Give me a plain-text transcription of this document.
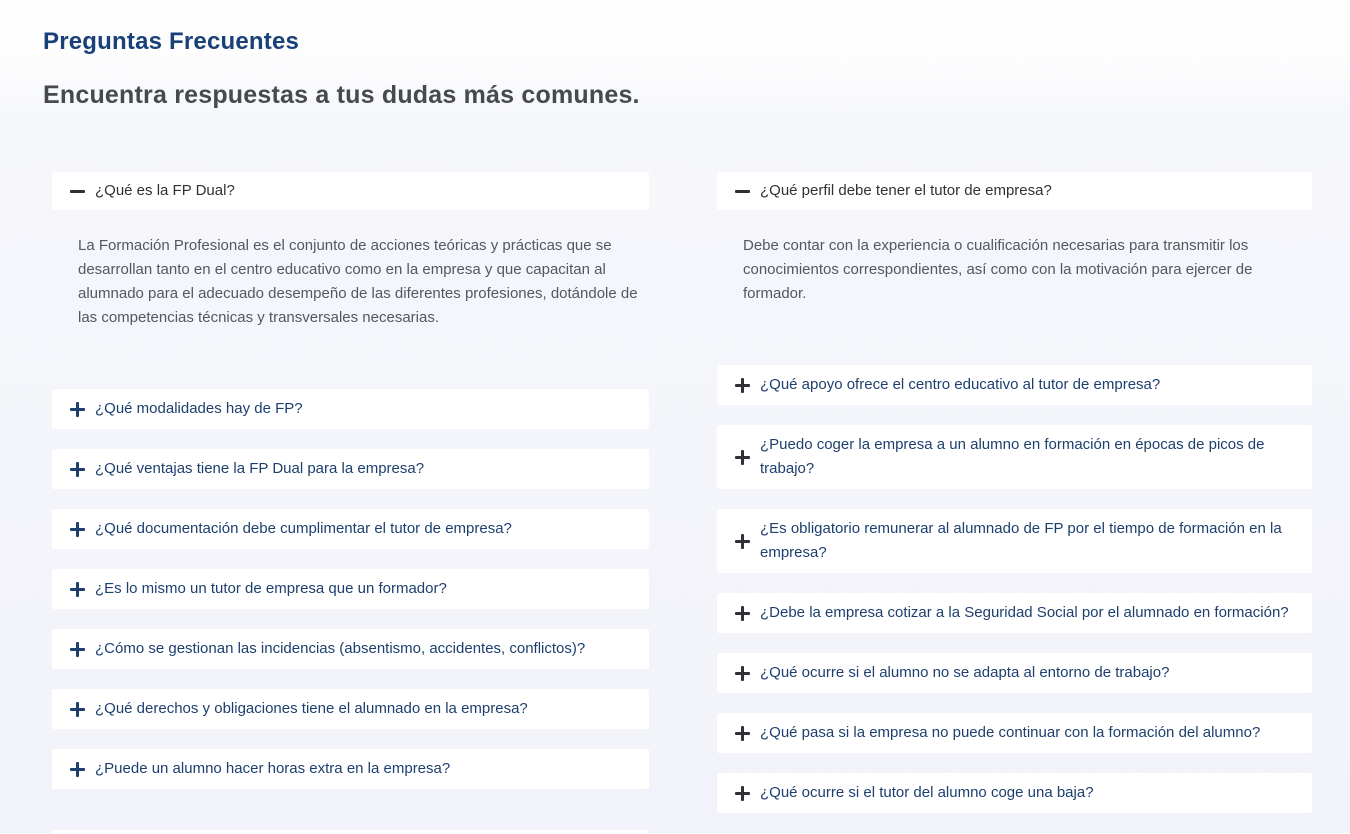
Preguntas Frecuentes
Encuentra respuestas a tus dudas más comunes.
¿Qué es la FP Dual?
La Formación Profesional es el conjunto de acciones teóricas y prácticas que se desarrollan tanto en el centro educativo como en la empresa y que capacitan al alumnado para el adecuado desempeño de las diferentes profesiones, dotándole de las competencias técnicas y transversales necesarias.
¿Qué modalidades hay de FP?
¿Qué ventajas tiene la FP Dual para la empresa?
¿Qué documentación debe cumplimentar el tutor de empresa?
¿Es lo mismo un tutor de empresa que un formador?
¿Cómo se gestionan las incidencias (absentismo, accidentes, conflictos)?
¿Qué derechos y obligaciones tiene el alumnado en la empresa?
¿Puede un alumno hacer horas extra en la empresa?
¿Qué perfil debe tener el tutor de empresa?
Debe contar con la experiencia o cualificación necesarias para transmitir los conocimientos correspondientes, así como con la motivación para ejercer de formador.
¿Qué apoyo ofrece el centro educativo al tutor de empresa?
¿Puedo coger la empresa a un alumno en formación en épocas de picos de trabajo?
¿Es obligatorio remunerar al alumnado de FP por el tiempo de formación en la empresa?
¿Debe la empresa cotizar a la Seguridad Social por el alumnado en formación?
¿Qué ocurre si el alumno no se adapta al entorno de trabajo?
¿Qué pasa si la empresa no puede continuar con la formación del alumno?
¿Qué ocurre si el tutor del alumno coge una baja?
